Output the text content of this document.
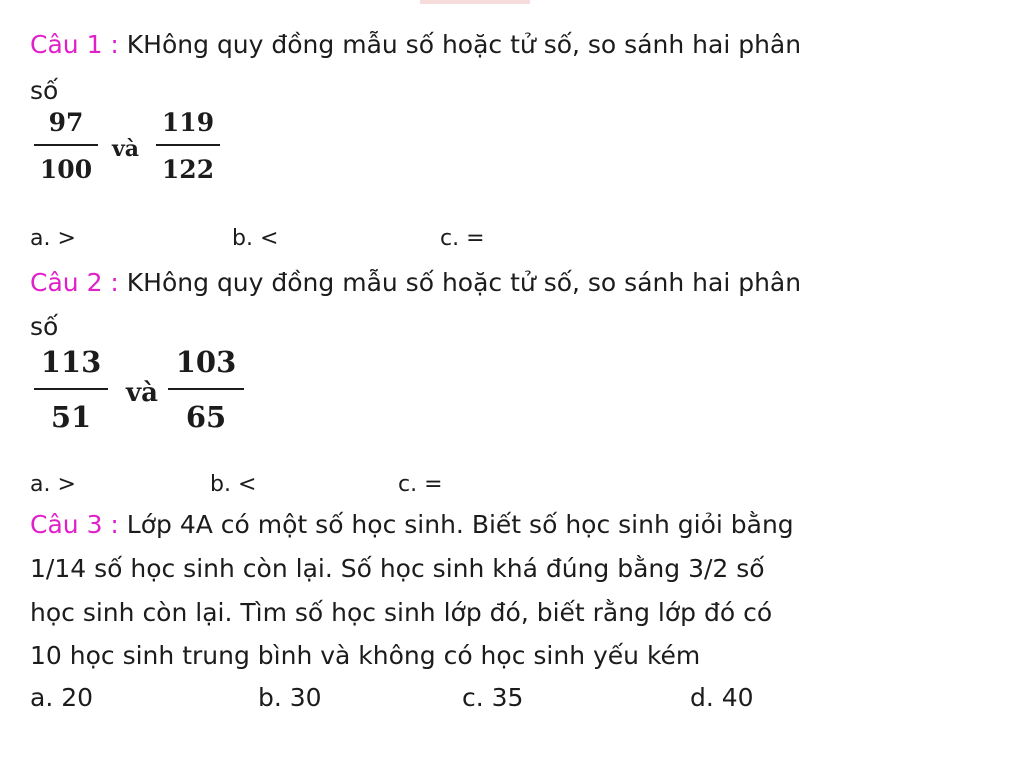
Câu 1 : KHông quy đồng mẫu số hoặc tử số, so sánh hai phân
số
97
100
và
119
122
a. >	b. <	c. =
Câu 2 : KHông quy đồng mẫu số hoặc tử số, so sánh hai phân
số
113
51
và
103
65
a. >	b. <	c. =
Câu 3 : Lớp 4A có một số học sinh. Biết số học sinh giỏi bằng
1/14 số học sinh còn lại. Số học sinh khá đúng bằng 3/2 số
học sinh còn lại. Tìm số học sinh lớp đó, biết rằng lớp đó có
10 học sinh trung bình và không có học sinh yếu kém
a. 20	b. 30	c. 35	d. 40
